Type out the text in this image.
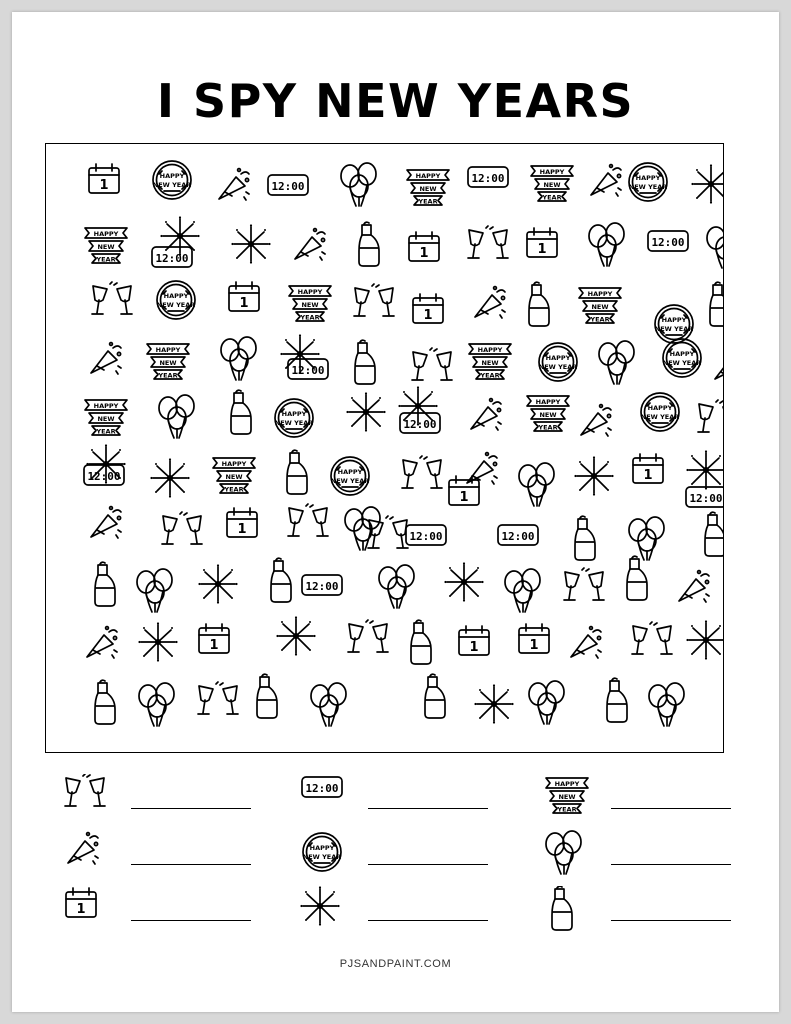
I SPY NEW YEARS
1
HAPPY
NEW YEAR	12:00
HAPPY
NEW
YEAR
12:00	HAPPY
NEW
YEAR
HAPPY
NEW YEAR
HAPPY
NEW
YEAR	12:00	1	1	12:00
HAPPY
NEW YEAR	1
HAPPY
NEW
YEAR	1
HAPPY
NEW
YEAR	HAPPY
NEW YEAR
HAPPY
NEW
YEAR	12:00
HAPPY
NEW
YEAR
HAPPY
NEW YEAR
HAPPY
NEW YEAR
HAPPY
NEW
YEAR
HAPPY
NEW YEAR	12:00
HAPPY
NEW
YEAR
HAPPY
NEW YEAR
12:00
HAPPY
NEW
YEAR
HAPPY
NEW YEAR
1
1
12:00
1	12:00	12:00
12:00
1	1	1
1
12:00
HAPPY
NEW YEAR
HAPPY
NEW
YEAR
PJSANDPAINT.COM
